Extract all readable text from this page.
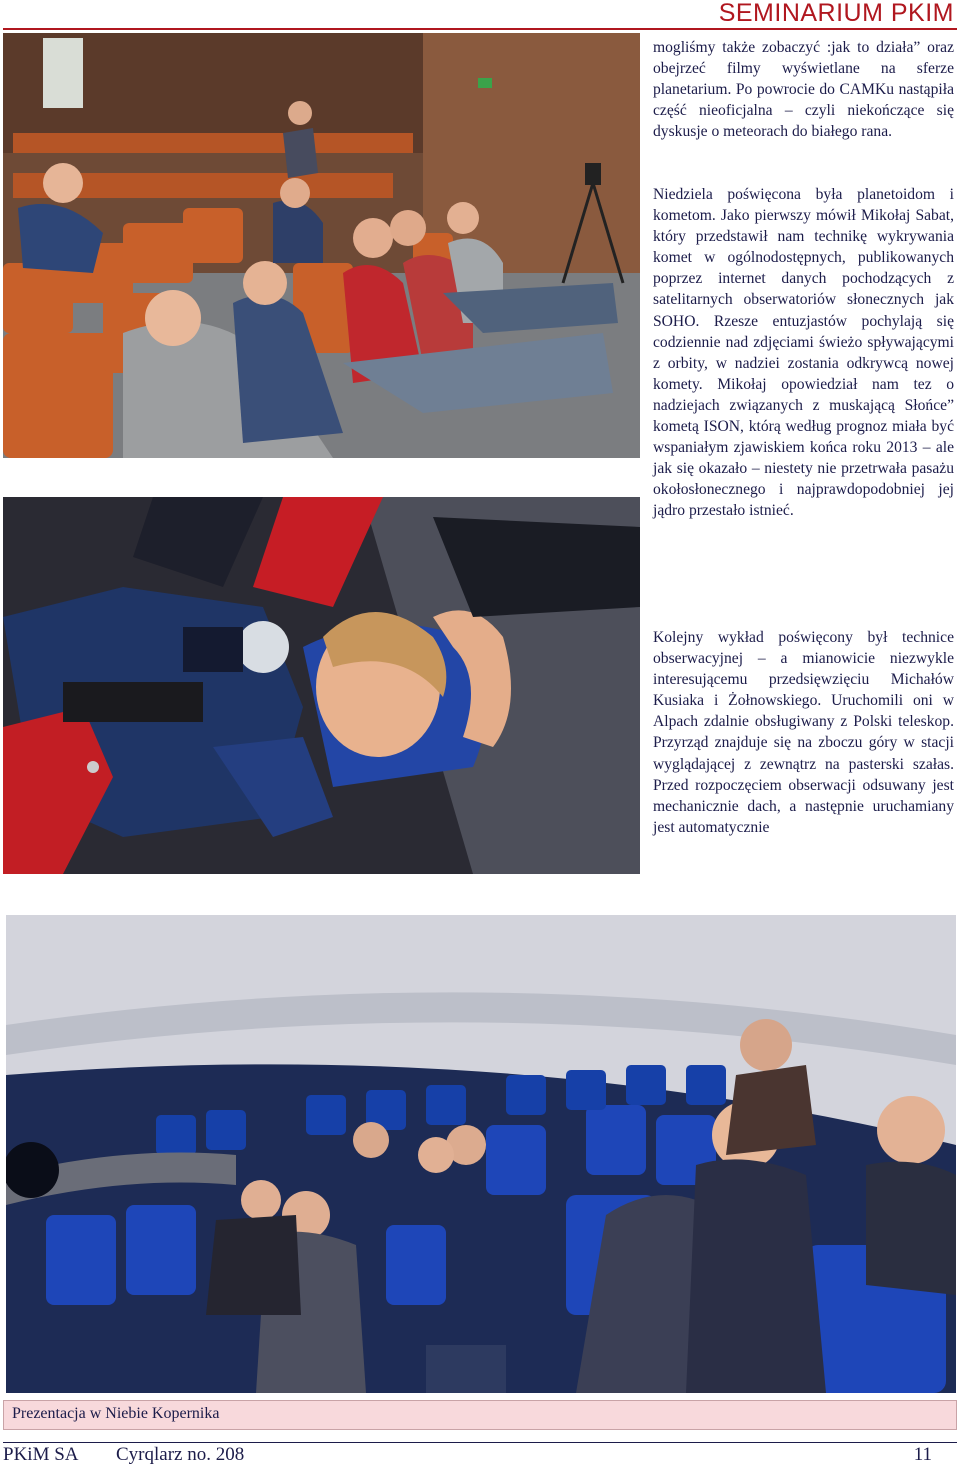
SEMINARIUM PKIM

mogliśmy także zobaczyć :jak to działa” oraz obejrzeć filmy wyświetlane na sferze planetarium. Po powrocie do CAMKu nastąpiła część nieoficjalna – czyli niekończące się dyskusje o meteorach do białego rana.

Niedziela poświęcona była planetoidom i kometom. Jako pierwszy mówił Mikołaj Sabat, który przedstawił nam technikę wykrywania komet w ogólnodostępnych, publikowanych poprzez internet danych pochodzących z satelitarnych obserwatoriów słonecznych jak SOHO. Rzesze entuzjastów pochylają się codziennie nad zdjęciami świeżo spływającymi z orbity, w nadziei zostania odkrywcą nowej komety. Mikołaj opowiedział nam tez o nadziejach związanych z muskającą Słońce” kometą ISON, którą według prognoz miała być wspaniałym zjawiskiem końca roku 2013 – ale jak się okazało – niestety nie przetrwała pasażu okołosłonecznego i najprawdopodobniej jej jądro przestało istnieć.

Kolejny wykład poświęcony był technice obserwacyjnej – a mianowicie niezwykle interesującemu przedsięwzięciu Michałów Kusiaka i Żołnowskiego. Uruchomili oni w Alpach zdalnie obsługiwany z Polski teleskop. Przyrząd znajduje się na zboczu góry w stacji wyglądającej z zewnątrz na pasterski szałas. Przed rozpoczęciem obserwacji odsuwany jest mechanicznie dach, a następnie uruchamiany jest automatycznie

Prezentacja w Niebie Kopernika
PKiM SA Cyrqlarz no. 208	11
